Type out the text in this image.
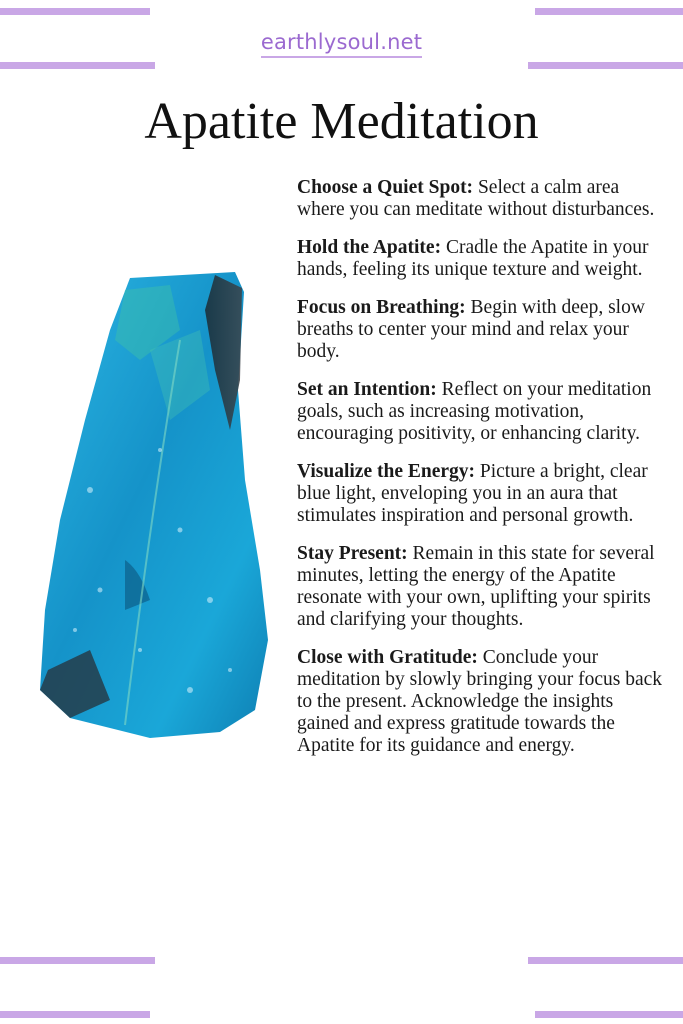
earthlysoul.net
Apatite Meditation

Choose a Quiet Spot: Select a calm area where you can meditate without disturbances.

Hold the Apatite: Cradle the Apatite in your hands, feeling its unique texture and weight.

Focus on Breathing: Begin with deep, slow breaths to center your mind and relax your body.

Set an Intention: Reflect on your meditation goals, such as increasing motivation, encouraging positivity, or enhancing clarity.

Visualize the Energy: Picture a bright, clear blue light, enveloping you in an aura that stimulates inspiration and personal growth.

Stay Present: Remain in this state for several minutes, letting the energy of the Apatite resonate with your own, uplifting your spirits and clarifying your thoughts.

Close with Gratitude: Conclude your meditation by slowly bringing your focus back to the present. Acknowledge the insights gained and express gratitude towards the Apatite for its guidance and energy.
